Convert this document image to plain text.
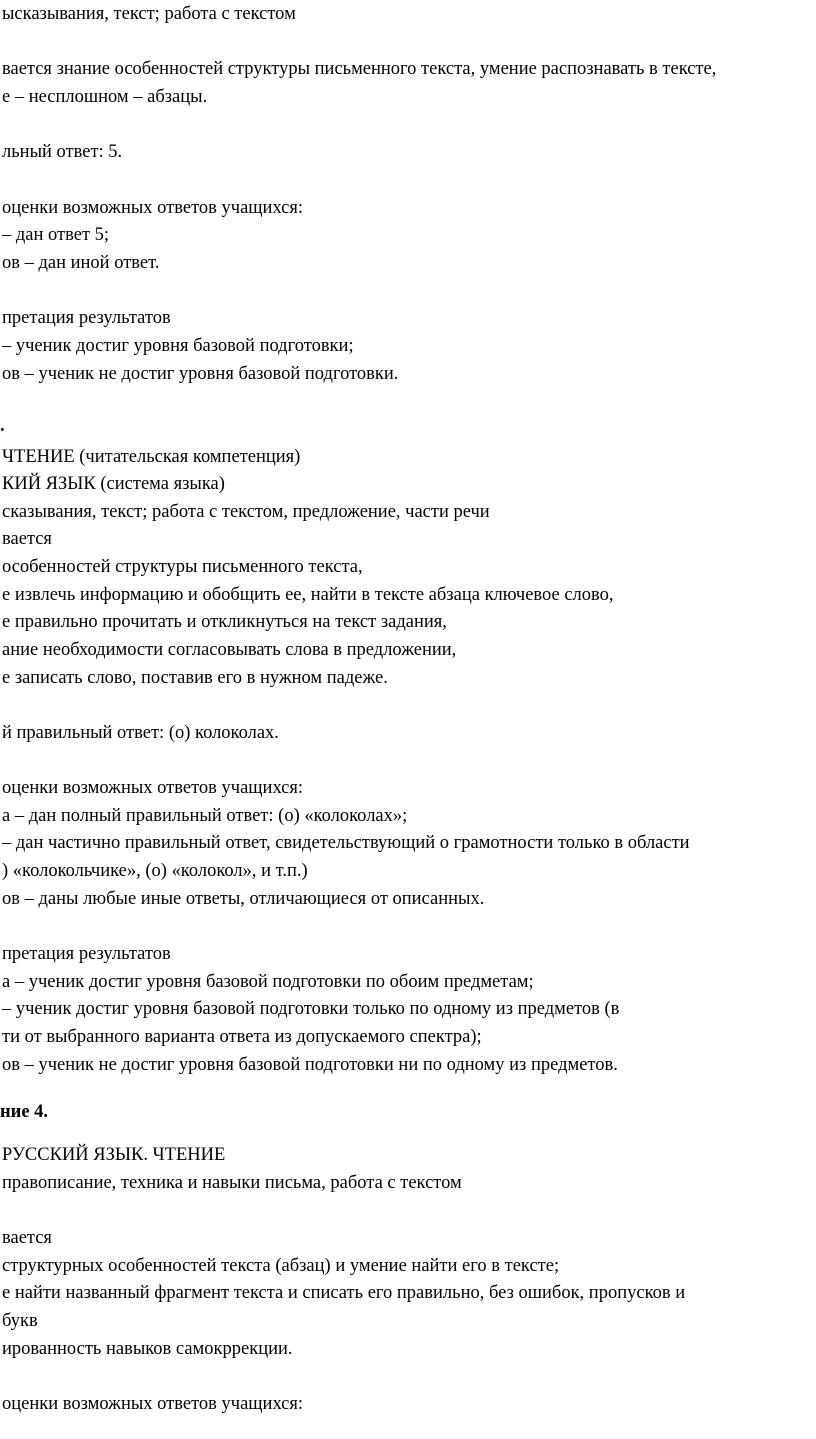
ысказывания, текст; работа с текстом
вается знание особенностей структуры письменного текста, умение распознавать в тексте,
е – несплошном – абзацы.
льный ответ: 5.
оценки возможных ответов учащихся:
– дан ответ 5;
ов – дан иной ответ.
претация результатов
– ученик достиг уровня базовой подготовки;
ов – ученик не достиг уровня базовой подготовки.
.
ЧТЕНИЕ (читательская компетенция)
КИЙ ЯЗЫК (система языка)
сказывания, текст; работа с текстом, предложение, части речи
вается
особенностей структуры письменного текста,
е извлечь информацию и обобщить ее, найти в тексте абзаца ключевое слово,
е правильно прочитать и откликнуться на текст задания,
ание необходимости согласовывать слова в предложении,
е записать слово, поставив его в нужном падеже.
й правильный ответ: (о) колоколах.
оценки возможных ответов учащихся:
а – дан полный правильный ответ: (о) «колоколах»;
– дан частично правильный ответ, свидетельствующий о грамотности только в области
) «колокольчике», (о) «колокол», и т.п.)
ов – даны любые иные ответы, отличающиеся от описанных.
претация результатов
а – ученик достиг уровня базовой подготовки по обоим предметам;
– ученик достиг уровня базовой подготовки только по одному из предметов (в
ти от выбранного варианта ответа из допускаемого спектра);
ов – ученик не достиг уровня базовой подготовки ни по одному из предметов.
ние 4.
РУССКИЙ ЯЗЫК. ЧТЕНИЕ
правописание, техника и навыки письма, работа с текстом
вается
структурных особенностей текста (абзац) и умение найти его в тексте;
е найти названный фрагмент текста и списать его правильно, без ошибок, пропусков и
букв
ированность навыков самокррекции.
оценки возможных ответов учащихся:
